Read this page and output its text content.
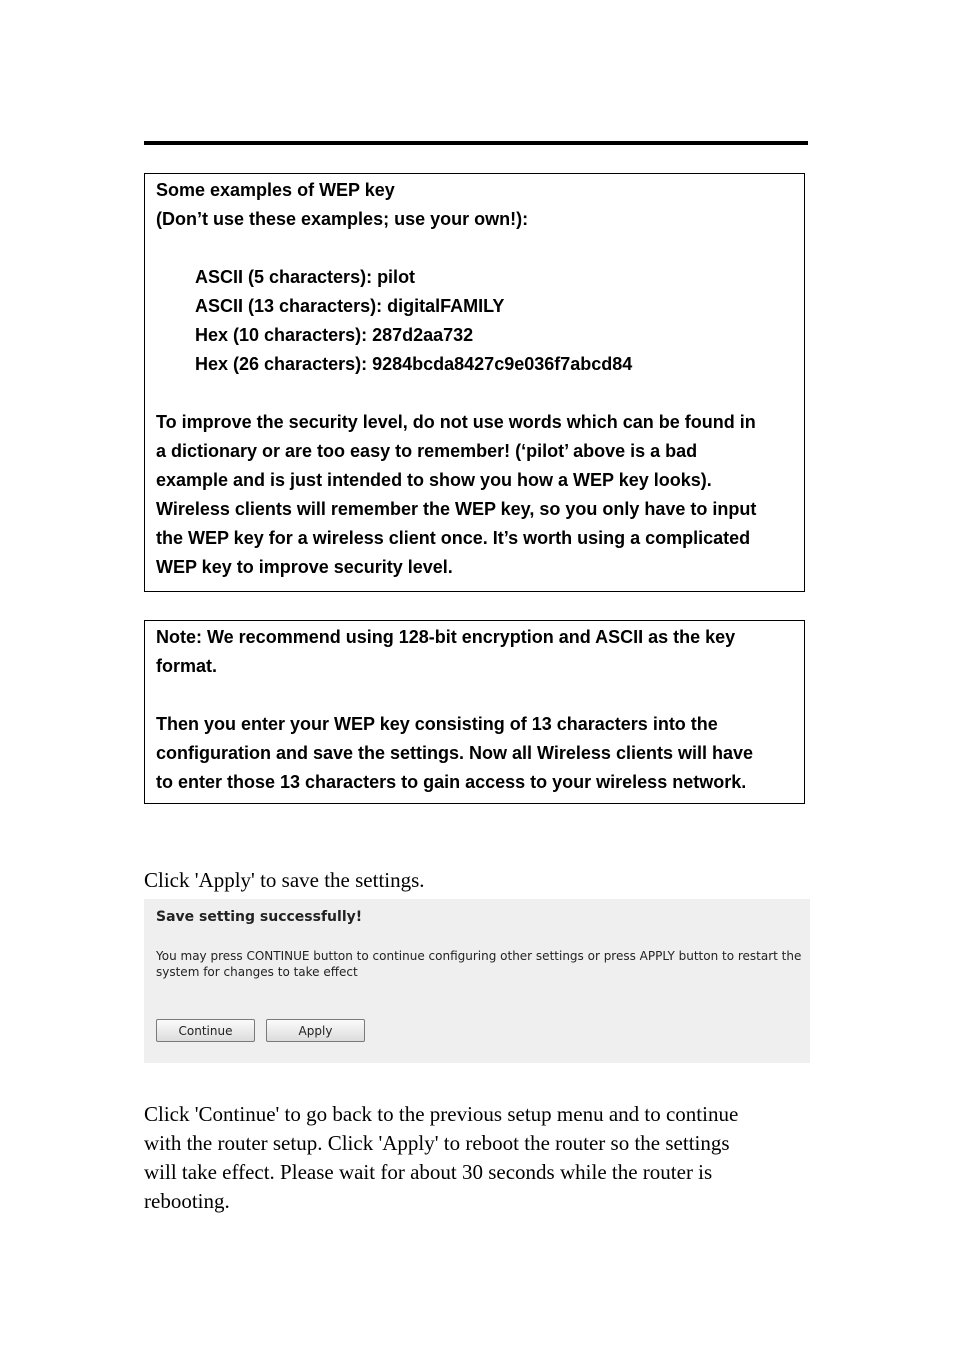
Some examples of WEP key

(Don’t use these examples; use your own!):

ASCII (5 characters): pilot

ASCII (13 characters): digitalFAMILY

Hex (10 characters): 287d2aa732

Hex (26 characters): 9284bcda8427c9e036f7abcd84

To improve the security level, do not use words which can be found in

a dictionary or are too easy to remember! (‘pilot’ above is a bad

example and is just intended to show you how a WEP key looks).

Wireless clients will remember the WEP key, so you only have to input

the WEP key for a wireless client once. It’s worth using a complicated

WEP key to improve security level.

Note: We recommend using 128-bit encryption and ASCII as the key

format.

Then you enter your WEP key consisting of 13 characters into the

configuration and save the settings. Now all Wireless clients will have

to enter those 13 characters to gain access to your wireless network.

Click 'Apply' to save the settings.

Save setting successfully!

You may press CONTINUE button to continue configuring other settings or press APPLY button to restart the

system for changes to take effect

Continue	Apply

Click 'Continue' to go back to the previous setup menu and to continue

with the router setup. Click 'Apply' to reboot the router so the settings

will take effect. Please wait for about 30 seconds while the router is

rebooting.
